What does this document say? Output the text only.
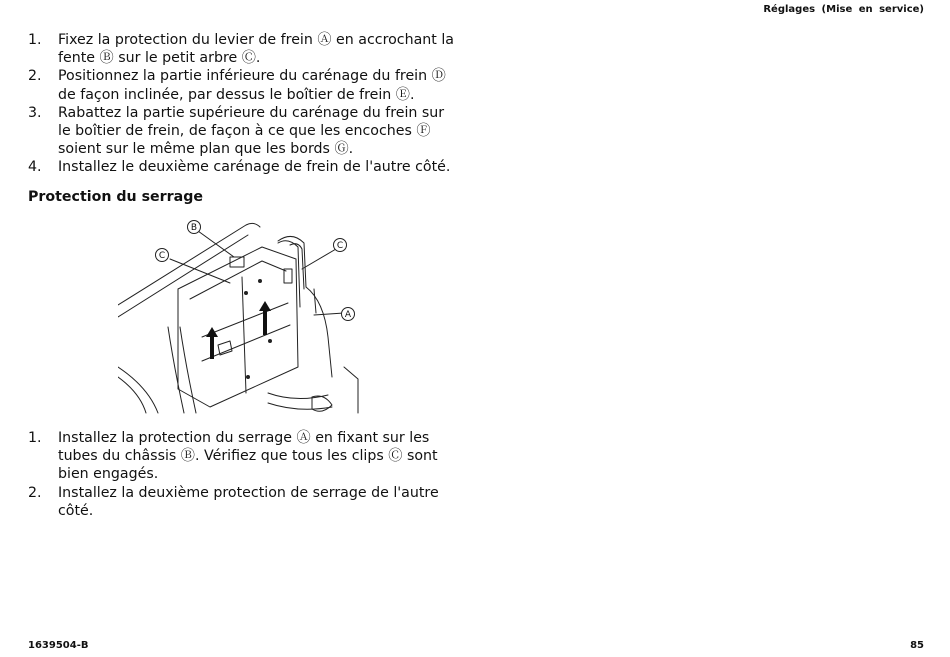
Réglages (Mise en service)
1.	Fixez la protection du levier de frein Ⓐ en accrochant la fente Ⓑ sur le petit arbre Ⓒ.
2.	Positionnez la partie inférieure du carénage du frein Ⓓ de façon inclinée, par dessus le boîtier de frein Ⓔ.
3.	Rabattez la partie supérieure du carénage du frein sur le boîtier de frein, de façon à ce que les encoches Ⓕ soient sur le même plan que les bords Ⓖ.
4.	Installez le deuxième carénage de frein de l'autre côté.
Protection du serrage
B
C
C
A
1.	Installez la protection du serrage Ⓐ en fixant sur les tubes du châssis Ⓑ. Vérifiez que tous les clips Ⓒ sont bien engagés.
2.	Installez la deuxième protection de serrage de l'autre côté.
1639504-B	85
